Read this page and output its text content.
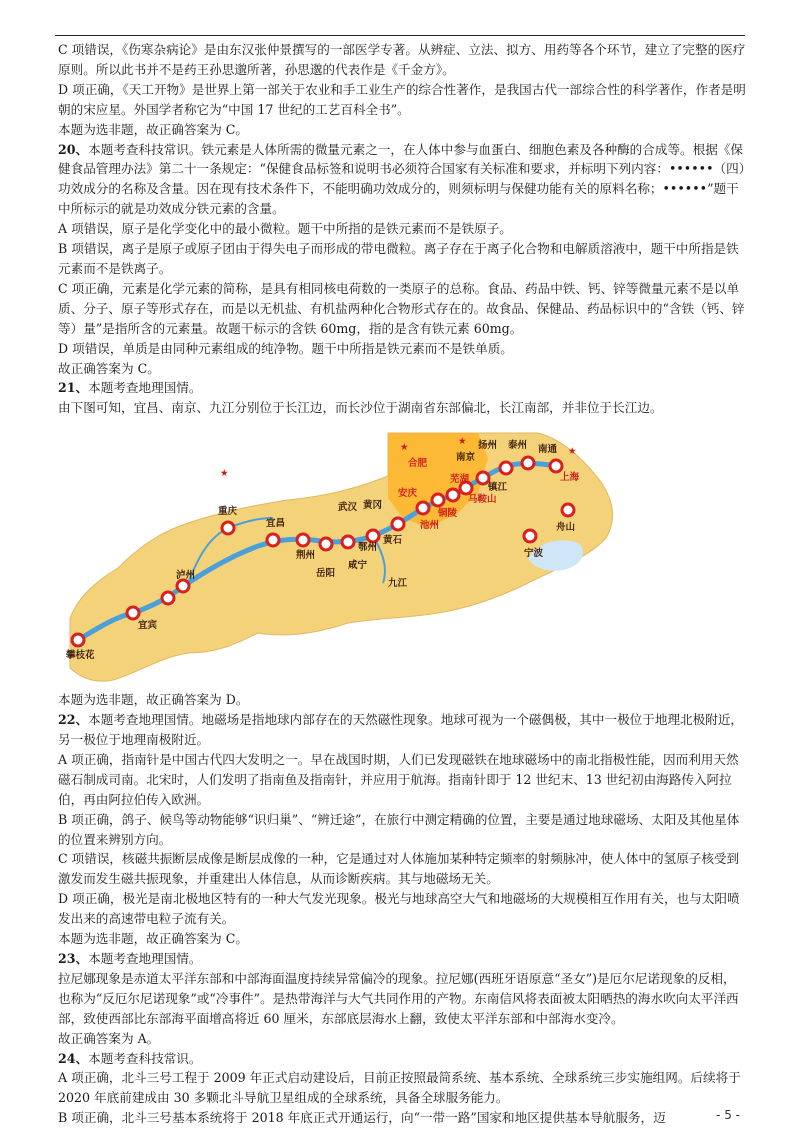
C 项错误，《伤寒杂病论》是由东汉张仲景撰写的一部医学专著。从辨症、立法、拟方、用药等各个环节，建立了完整的医疗原则。所以此书并不是药王孙思邈所著，孙思邈的代表作是《千金方》。

D 项正确，《天工开物》是世界上第一部关于农业和手工业生产的综合性著作，是我国古代一部综合性的科学著作，作者是明朝的宋应星。外国学者称它为“中国 17 世纪的工艺百科全书”。

本题为选非题，故正确答案为 C。

20、本题考查科技常识。铁元素是人体所需的微量元素之一，在人体中参与血蛋白、细胞色素及各种酶的合成等。根据《保健食品管理办法》第二十一条规定：“保健食品标签和说明书必须符合国家有关标准和要求，并标明下列内容：••••••（四）功效成分的名称及含量。因在现有技术条件下，不能明确功效成分的，则须标明与保健功能有关的原料名称；••••••”题干中所标示的就是功效成分铁元素的含量。

A 项错误，原子是化学变化中的最小微粒。题干中所指的是铁元素而不是铁原子。

B 项错误，离子是原子或原子团由于得失电子而形成的带电微粒。离子存在于离子化合物和电解质溶液中，题干中所指是铁元素而不是铁离子。

C 项正确，元素是化学元素的简称，是具有相同核电荷数的一类原子的总称。食品、药品中铁、钙、锌等微量元素不是以单质、分子、原子等形式存在，而是以无机盐、有机盐两种化合物形式存在的。故食品、保健品、药品标识中的“含铁（钙、锌等）量”是指所含的元素量。故题干标示的含铁 60mg，指的是含有铁元素 60mg。

D 项错误，单质是由同种元素组成的纯净物。题干中所指是铁元素而不是铁单质。

故正确答案为 C。

21、本题考查地理国情。

由下图可知，宜昌、南京、九江分别位于长江边，而长沙位于湖南省东部偏北，长江南部，并非位于长江边。

★
★
★
★
攀枝花
宜宾
泸州
重庆
宜昌
荆州
岳阳
武汉
咸宁
鄂州
黄冈
黄石
九江
安庆
池州
铜陵
合肥
芜湖
马鞍山
南京
扬州
镇江
泰州 南通
上海
舟山
宁波

本题为选非题，故正确答案为 D。

22、本题考查地理国情。地磁场是指地球内部存在的天然磁性现象。地球可视为一个磁偶极，其中一极位于地理北极附近，另一极位于地理南极附近。

A 项正确，指南针是中国古代四大发明之一。早在战国时期，人们已发现磁铁在地球磁场中的南北指极性能，因而利用天然磁石制成司南。北宋时，人们发明了指南鱼及指南针，并应用于航海。指南针即于 12 世纪末、13 世纪初由海路传入阿拉伯，再由阿拉伯传入欧洲。

B 项正确，鸽子、候鸟等动物能够“识归巢”、“辨迁途”，在旅行中测定精确的位置，主要是通过地球磁场、太阳及其他星体的位置来辨别方向。

C 项错误，核磁共振断层成像是断层成像的一种，它是通过对人体施加某种特定频率的射频脉冲，使人体中的氢原子核受到激发而发生磁共振现象，并重建出人体信息，从而诊断疾病。其与地磁场无关。

D 项正确，极光是南北极地区特有的一种大气发光现象。极光与地球高空大气和地磁场的大规模相互作用有关，也与太阳喷发出来的高速带电粒子流有关。

本题为选非题，故正确答案为 C。

23、本题考查地理国情。

拉尼娜现象是赤道太平洋东部和中部海面温度持续异常偏冷的现象。拉尼娜(西班牙语原意“圣女”)是厄尔尼诺现象的反相，也称为“反厄尔尼诺现象”或“冷事件”。是热带海洋与大气共同作用的产物。东南信风将表面被太阳晒热的海水吹向太平洋西部，致使西部比东部海平面增高将近 60 厘米，东部底层海水上翻，致使太平洋东部和中部海水变冷。

故正确答案为 A。

24、本题考查科技常识。

A 项正确，北斗三号工程于 2009 年正式启动建设后，目前正按照最简系统、基本系统、全球系统三步实施组网。后续将于 2020 年底前建成由 30 多颗北斗导航卫星组成的全球系统，具备全球服务能力。

B 项正确，北斗三号基本系统将于 2018 年底正式开通运行，向“一带一路”国家和地区提供基本导航服务，迈	- 5 -
